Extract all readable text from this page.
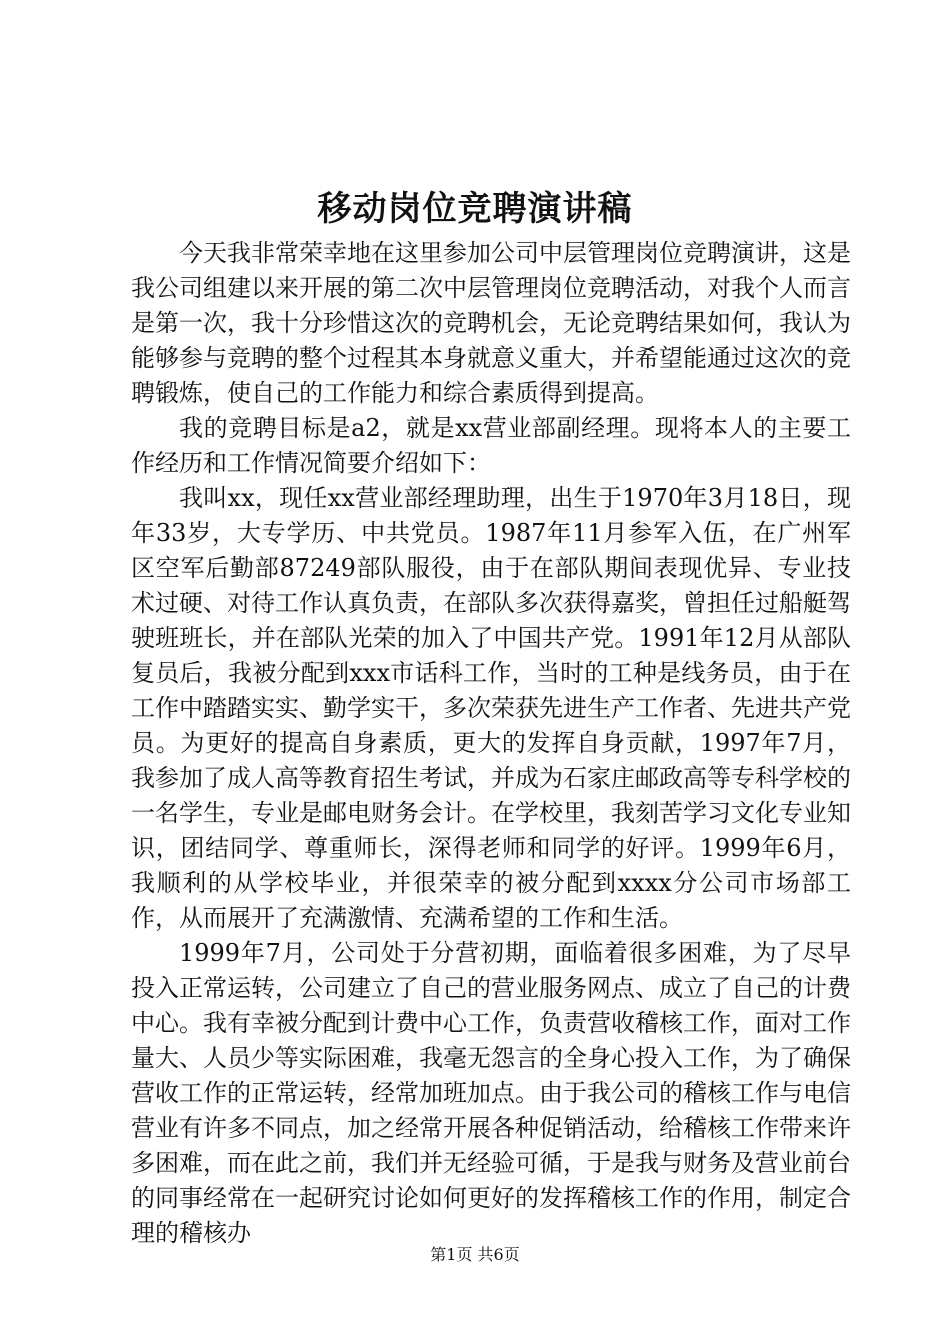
移动岗位竞聘演讲稿

今天我非常荣幸地在这里参加公司中层管理岗位竞聘演讲，这是我公司组建以来开展的第二次中层管理岗位竞聘活动，对我个人而言是第一次，我十分珍惜这次的竞聘机会，无论竞聘结果如何，我认为能够参与竞聘的整个过程其本身就意义重大，并希望能通过这次的竞聘锻炼，使自己的工作能力和综合素质得到提高。

我的竞聘目标是a2，就是xx营业部副经理。现将本人的主要工作经历和工作情况简要介绍如下：

我叫xx，现任xx营业部经理助理，出生于1970年3月18日，现年33岁，大专学历、中共党员。1987年11月参军入伍，在广州军区空军后勤部87249部队服役，由于在部队期间表现优异、专业技术过硬、对待工作认真负责，在部队多次获得嘉奖，曾担任过船艇驾驶班班长，并在部队光荣的加入了中国共产党。1991年12月从部队复员后，我被分配到xxx市话科工作，当时的工种是线务员，由于在工作中踏踏实实、勤学实干，多次荣获先进生产工作者、先进共产党员。为更好的提高自身素质，更大的发挥自身贡献，1997年7月，我参加了成人高等教育招生考试，并成为石家庄邮政高等专科学校的一名学生，专业是邮电财务会计。在学校里，我刻苦学习文化专业知识，团结同学、尊重师长，深得老师和同学的好评。1999年6月，我顺利的从学校毕业，并很荣幸的被分配到xxxx分公司市场部工作，从而展开了充满激情、充满希望的工作和生活。

1999年7月，公司处于分营初期，面临着很多困难，为了尽早投入正常运转，公司建立了自己的营业服务网点、成立了自己的计费中心。我有幸被分配到计费中心工作，负责营收稽核工作，面对工作量大、人员少等实际困难，我毫无怨言的全身心投入工作，为了确保营收工作的正常运转，经常加班加点。由于我公司的稽核工作与电信营业有许多不同点，加之经常开展各种促销活动，给稽核工作带来许多困难，而在此之前，我们并无经验可循，于是我与财务及营业前台的同事经常在一起研究讨论如何更好的发挥稽核工作的作用，制定合理的稽核办

第1页 共6页
